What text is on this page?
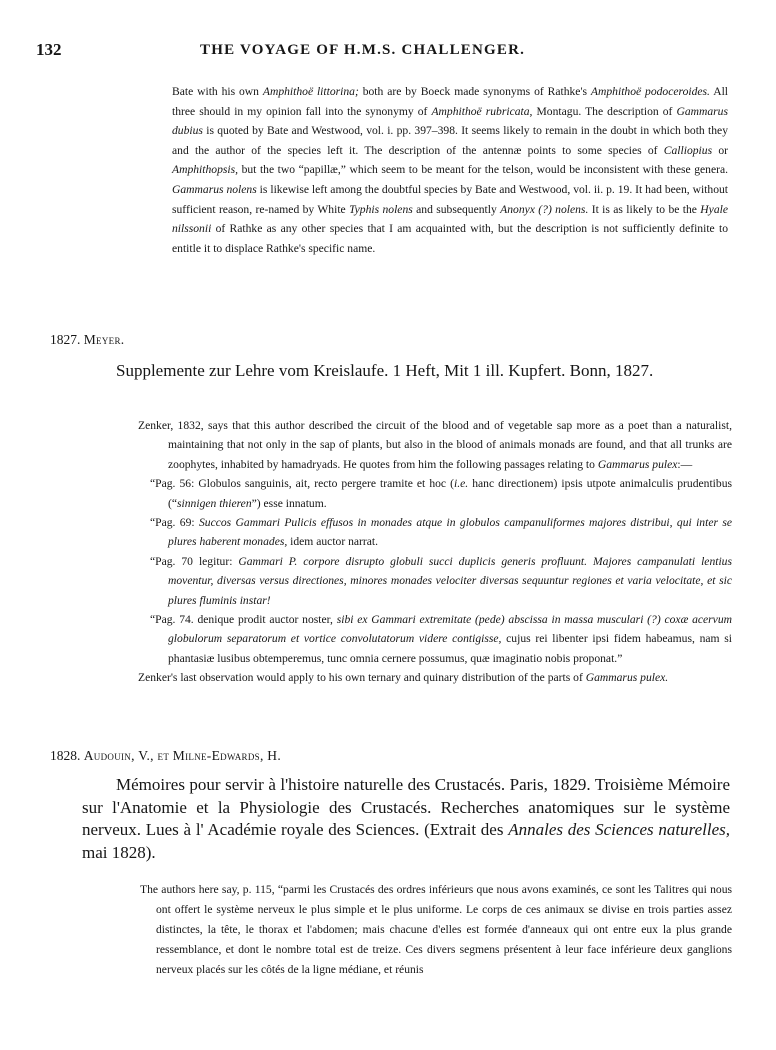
132	THE VOYAGE OF H.M.S. CHALLENGER.

Bate with his own Amphithoë littorina; both are by Boeck made synonyms of Rathke's Amphithoë podoceroides. All three should in my opinion fall into the synonymy of Amphithoë rubricata, Montagu. The description of Gammarus dubius is quoted by Bate and Westwood, vol. i. pp. 397–398. It seems likely to remain in the doubt in which both they and the author of the species left it. The description of the antennæ points to some species of Calliopius or Amphithopsis, but the two “papillæ,” which seem to be meant for the telson, would be inconsistent with these genera. Gammarus nolens is likewise left among the doubtful species by Bate and Westwood, vol. ii. p. 19. It had been, without sufficient reason, re-named by White Typhis nolens and subsequently Anonyx (?) nolens. It is as likely to be the Hyale nilssonii of Rathke as any other species that I am acquainted with, but the description is not sufficiently definite to entitle it to displace Rathke's specific name.

1827. Meyer.

Supplemente zur Lehre vom Kreislaufe. 1 Heft, Mit 1 ill. Kupfert. Bonn, 1827.

Zenker, 1832, says that this author described the circuit of the blood and of vegetable sap more as a poet than a naturalist, maintaining that not only in the sap of plants, but also in the blood of animals monads are found, and that all trunks are zoophytes, inhabited by hamadryads. He quotes from him the following passages relating to Gammarus pulex:—

“Pag. 56: Globulos sanguinis, ait, recto pergere tramite et hoc (i.e. hanc directionem) ipsis utpote animalculis prudentibus (“sinnigen thieren”) esse innatum.

“Pag. 69: Succos Gammari Pulicis effusos in monades atque in globulos campanuliformes majores distribui, qui inter se plures haberent monades, idem auctor narrat.

“Pag. 70 legitur: Gammari P. corpore disrupto globuli succi duplicis generis profluunt. Majores campanulati lentius moventur, diversas versus directiones, minores monades velociter diversas sequuntur regiones et varia velocitate, et sic plures fluminis instar!

“Pag. 74. denique prodit auctor noster, sibi ex Gammari extremitate (pede) abscissa in massa musculari (?) coxæ acervum globulorum separatorum et vortice convolutatorum videre contigisse, cujus rei libenter ipsi fidem habeamus, nam si phantasiæ lusibus obtemperemus, tunc omnia cernere possumus, quæ imaginatio nobis proponat.”

Zenker's last observation would apply to his own ternary and quinary distribution of the parts of Gammarus pulex.

1828. Audouin, V., et Milne-Edwards, H.

Mémoires pour servir à l'histoire naturelle des Crustacés. Paris, 1829. Troisième Mémoire sur l'Anatomie et la Physiologie des Crustacés. Recherches anatomiques sur le système nerveux. Lues à l' Académie royale des Sciences. (Extrait des Annales des Sciences naturelles, mai 1828).

The authors here say, p. 115, “parmi les Crustacés des ordres inférieurs que nous avons examinés, ce sont les Talitres qui nous ont offert le système nerveux le plus simple et le plus uniforme. Le corps de ces animaux se divise en trois parties assez distinctes, la tête, le thorax et l'abdomen; mais chacune d'elles est formée d'anneaux qui ont entre eux la plus grande ressemblance, et dont le nombre total est de treize. Ces divers segmens présentent à leur face inférieure deux ganglions nerveux placés sur les côtés de la ligne médiane, et réunis
